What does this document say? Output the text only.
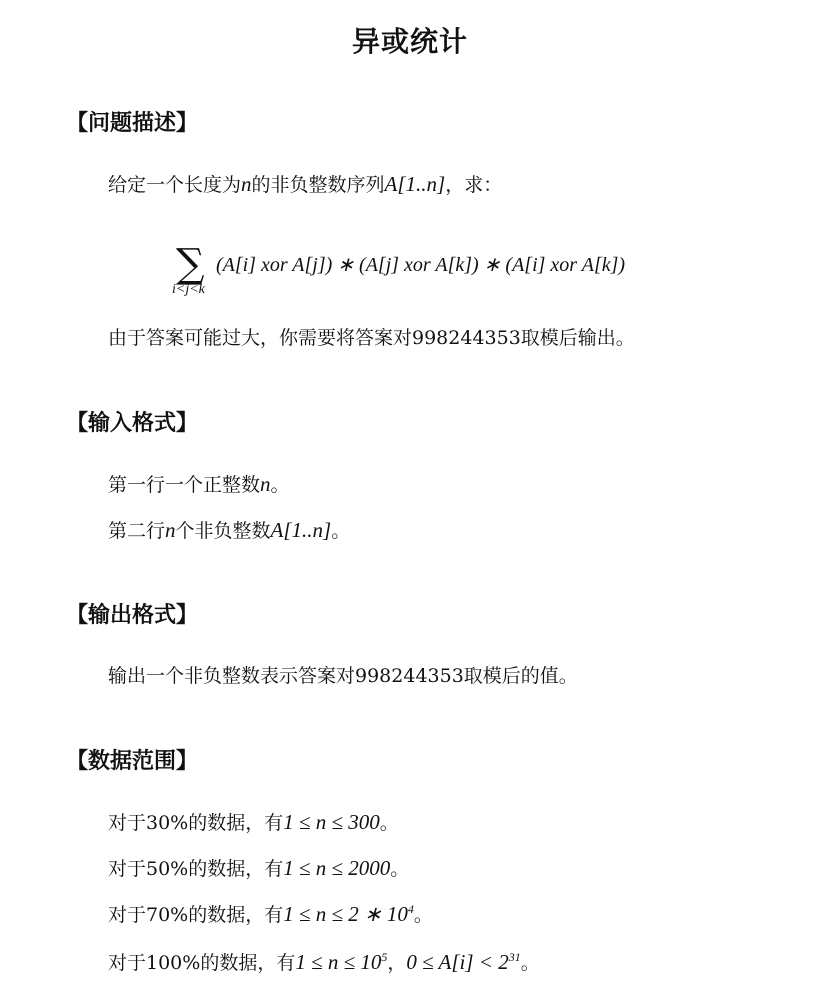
异或统计
【问题描述】
给定一个长度为n的非负整数序列A[1..n]，求：
∑
i<j<k
(A[i] xor A[j]) ∗ (A[j] xor A[k]) ∗ (A[i] xor A[k])
由于答案可能过大，你需要将答案对998244353取模后输出。
【输入格式】
第一行一个正整数n。
第二行n个非负整数A[1..n]。
【输出格式】
输出一个非负整数表示答案对998244353取模后的值。
【数据范围】
对于30%的数据，有1 ≤ n ≤ 300。
对于50%的数据，有1 ≤ n ≤ 2000。
对于70%的数据，有1 ≤ n ≤ 2 ∗ $10^4$。
对于100%的数据，有$1 \le n \le 10^5$，$0 \le A[i] < 2^{31}$。
